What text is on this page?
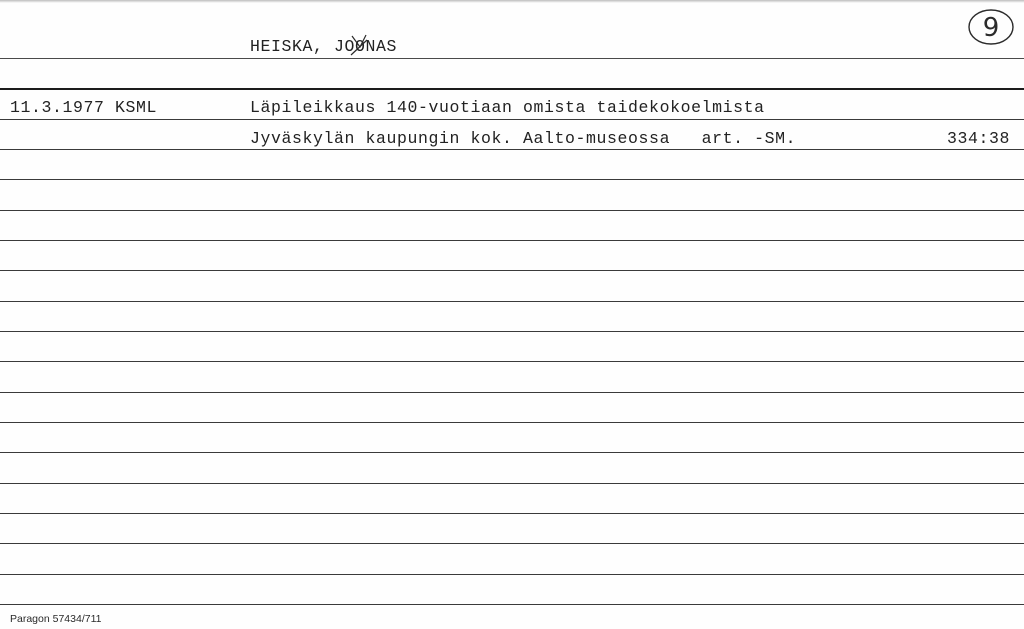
9
HEISKA, JOONAS
11.3.1977 KSML	Läpileikkaus 140-vuotiaan omista taidekokoelmista
Jyväskylän kaupungin kok. Aalto-museossa   art. -SM.	334:38
Paragon 57434/711
